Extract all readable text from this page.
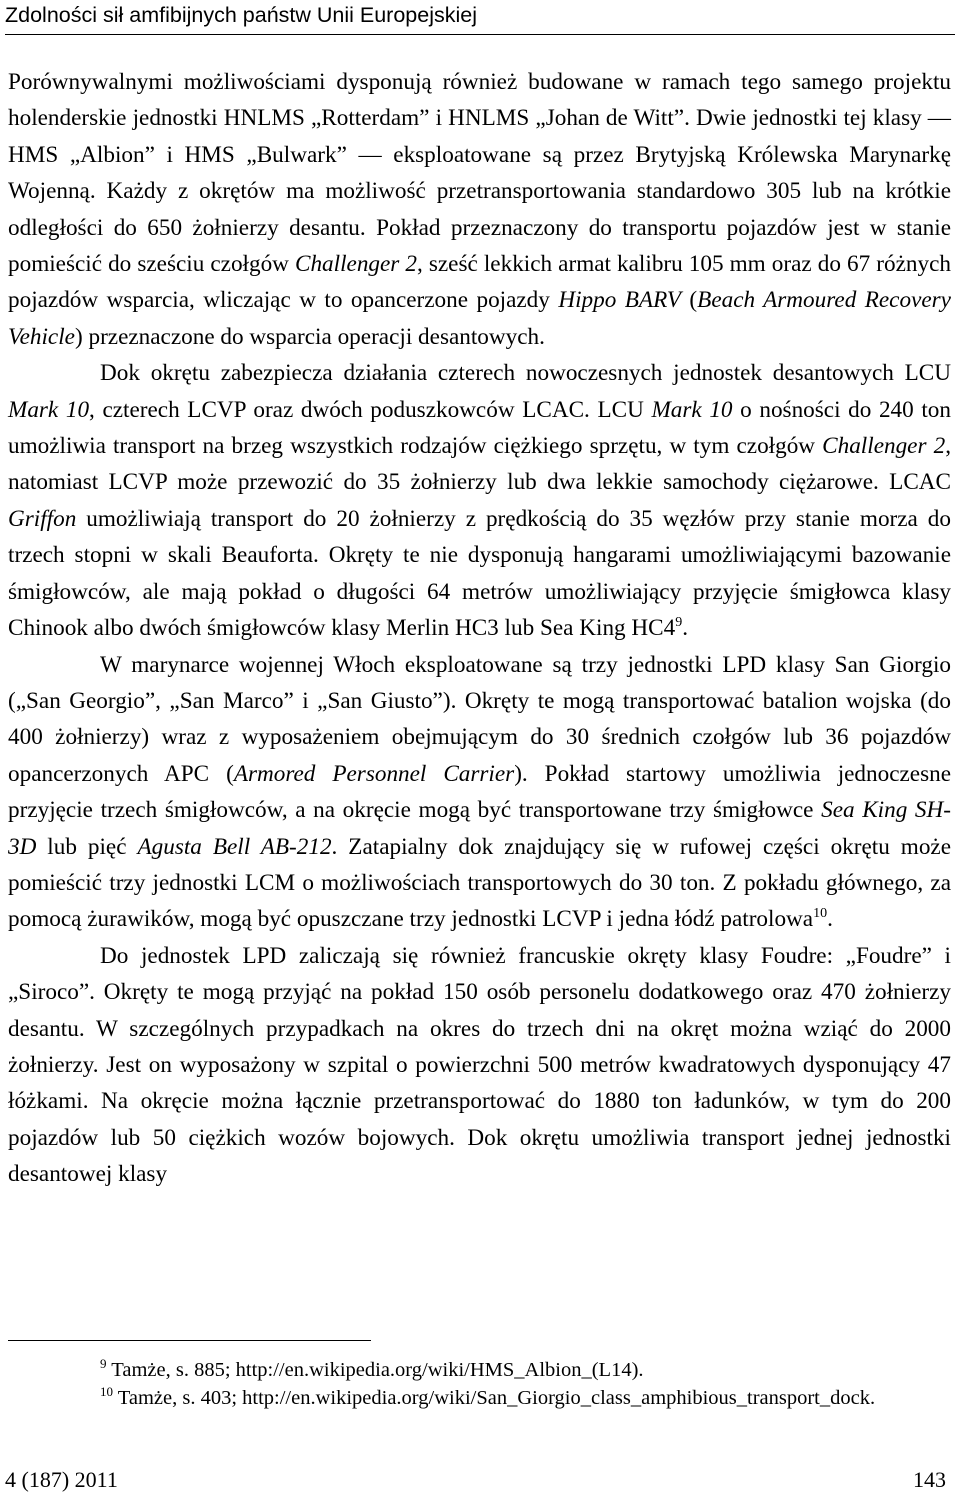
Zdolności sił amfibijnych państw Unii Europejskiej

Porównywalnymi możliwościami dysponują również budowane w ramach tego samego projektu holenderskie jednostki HNLMS „Rotterdam” i HNLMS „Johan de Witt”. Dwie jednostki tej klasy — HMS „Albion” i HMS „Bulwark” — eksploatowane są przez Brytyjską Królewska Marynarkę Wojenną. Każdy z okrętów ma możliwość przetransportowania standardowo 305 lub na krótkie odległości do 650 żołnierzy desantu. Pokład przeznaczony do transportu pojazdów jest w stanie pomieścić do sześciu czołgów Challenger 2, sześć lekkich armat kalibru 105 mm oraz do 67 różnych pojazdów wsparcia, wliczając w to opancerzone pojazdy Hippo BARV (Beach Armoured Recovery Vehicle) przeznaczone do wsparcia operacji desantowych.

Dok okrętu zabezpiecza działania czterech nowoczesnych jednostek desantowych LCU Mark 10, czterech LCVP oraz dwóch poduszkowców LCAC. LCU Mark 10 o nośności do 240 ton umożliwia transport na brzeg wszystkich rodzajów ciężkiego sprzętu, w tym czołgów Challenger 2, natomiast LCVP może przewozić do 35 żołnierzy lub dwa lekkie samochody ciężarowe. LCAC Griffon umożliwiają transport do 20 żołnierzy z prędkością do 35 węzłów przy stanie morza do trzech stopni w skali Beauforta. Okręty te nie dysponują hangarami umożliwiającymi bazowanie śmigłowców, ale mają pokład o długości 64 metrów umożliwiający przyjęcie śmigłowca klasy Chinook albo dwóch śmigłowców klasy Merlin HC3 lub Sea King $HC4^9$.

W marynarce wojennej Włoch eksploatowane są trzy jednostki LPD klasy San Giorgio („San Georgio”, „San Marco” i „San Giusto”). Okręty te mogą transportować batalion wojska (do 400 żołnierzy) wraz z wyposażeniem obejmującym do 30 średnich czołgów lub 36 pojazdów opancerzonych APC (Armored Personnel Carrier). Pokład startowy umożliwia jednoczesne przyjęcie trzech śmigłowców, a na okręcie mogą być transportowane trzy śmigłowce Sea King SH-3D lub pięć Agusta Bell AB-212. Zatapialny dok znajdujący się w rufowej części okrętu może pomieścić trzy jednostki LCM o możliwościach transportowych do 30 ton. Z pokładu głównego, za pomocą żurawików, mogą być opuszczane trzy jednostki LCVP i jedna łódź patrolowa$^{10}$.

Do jednostek LPD zaliczają się również francuskie okręty klasy Foudre: „Foudre” i „Siroco”. Okręty te mogą przyjąć na pokład 150 osób personelu dodatkowego oraz 470 żołnierzy desantu. W szczególnych przypadkach na okres do trzech dni na okręt można wziąć do 2000 żołnierzy. Jest on wyposażony w szpital o powierzchni 500 metrów kwadratowych dysponujący 47 łóżkami. Na okręcie można łącznie przetransportować do 1880 ton ładunków, w tym do 200 pojazdów lub 50 ciężkich wozów bojowych. Dok okrętu umożliwia transport jednej jednostki desantowej klasy

$^9$ Tamże, s. 885; http://en.wikipedia.org/wiki/HMS_Albion_(L14).

$^{10}$ Tamże, s. 403; http://en.wikipedia.org/wiki/San_Giorgio_class_amphibious_transport_dock.

4 (187) 2011	143
